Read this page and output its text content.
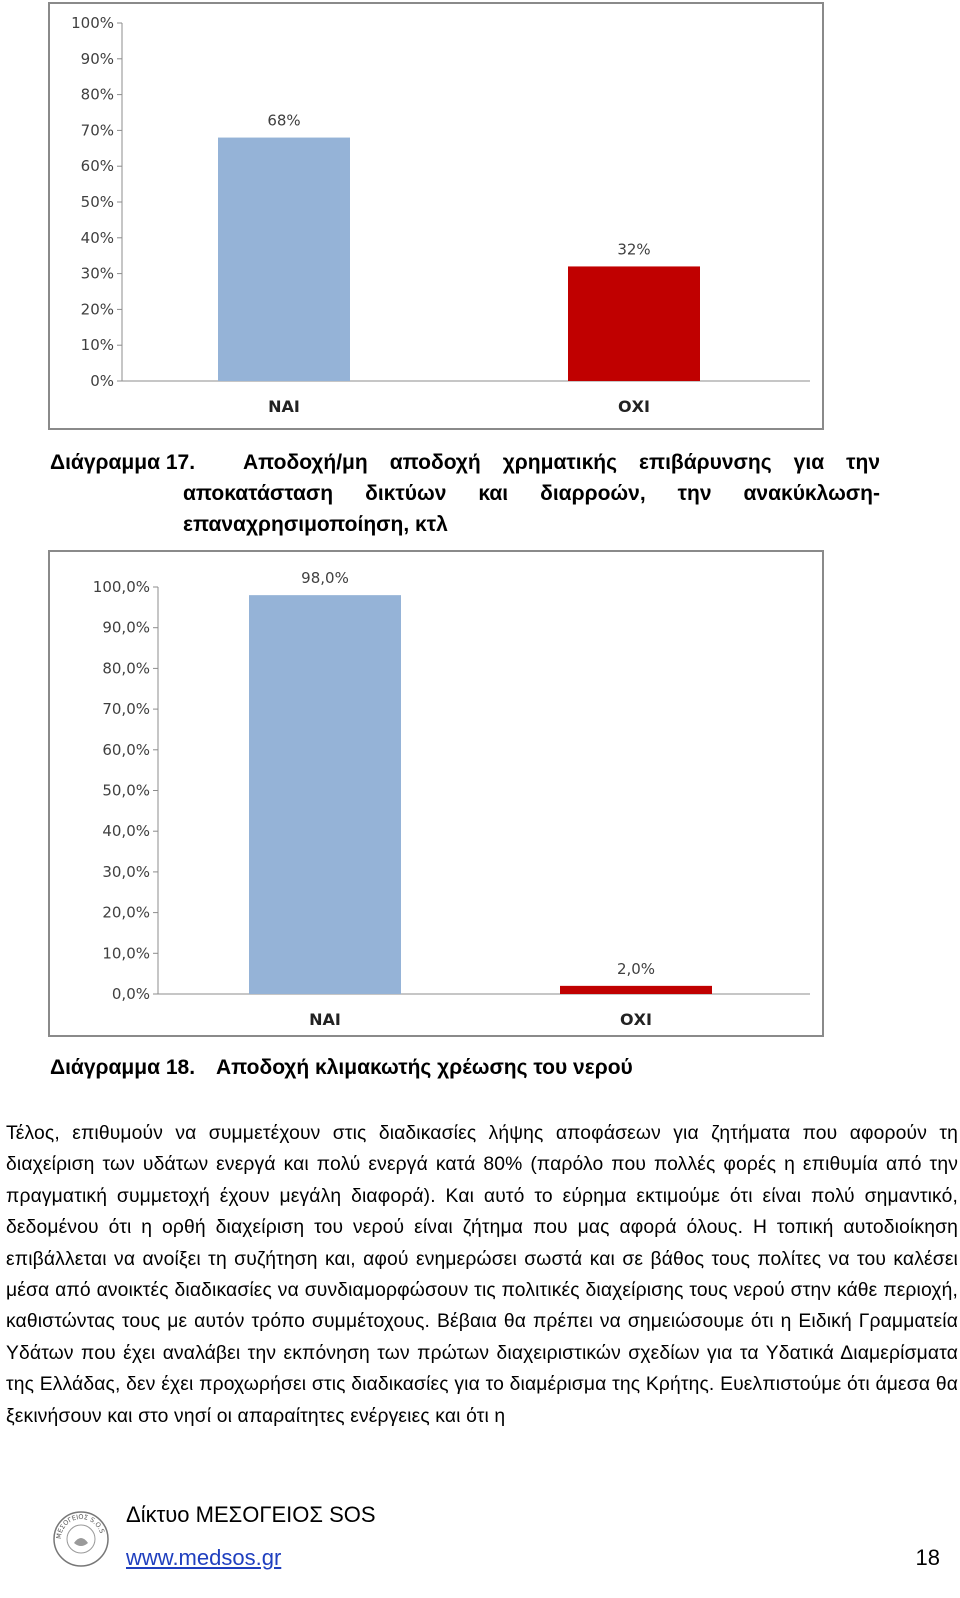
0%
10%
20%
30%
40%
50%
60%
70%
80%
90%
100%
68%
ΝΑΙ
32%
ΟΧΙ
Διάγραμμα 17.	Αποδοχή/μη αποδοχή χρηματικής επιβάρυνσης για την αποκατάσταση δικτύων και διαρροών, την ανακύκλωση-επαναχρησιμοποίηση, κτλ
0,0%
10,0%
20,0%
30,0%
40,0%
50,0%
60,0%
70,0%
80,0%
90,0%
100,0%	98,0%
ΝΑΙ
2,0%
ΟΧΙ
Διάγραμμα 18. Αποδοχή κλιμακωτής χρέωσης του νερού
Τέλος, επιθυμούν να συμμετέχουν στις διαδικασίες λήψης αποφάσεων για ζητήματα που αφορούν τη διαχείριση των υδάτων ενεργά και πολύ ενεργά κατά 80% (παρόλο που πολλές φορές η επιθυμία από την πραγματική συμμετοχή έχουν μεγάλη διαφορά). Και αυτό το εύρημα εκτιμούμε ότι είναι πολύ σημαντικό, δεδομένου ότι η ορθή διαχείριση του νερού είναι ζήτημα που μας αφορά όλους. Η τοπική αυτοδιοίκηση επιβάλλεται να ανοίξει τη συζήτηση και, αφού ενημερώσει σωστά και σε βάθος τους πολίτες να του καλέσει μέσα από ανοικτές διαδικασίες να συνδιαμορφώσουν τις πολιτικές διαχείρισης τους νερού στην κάθε περιοχή, καθιστώντας τους με αυτόν τρόπο συμμέτοχους. Βέβαια θα πρέπει να σημειώσουμε ότι η Ειδική Γραμματεία Υδάτων που έχει αναλάβει την εκπόνηση των πρώτων διαχειριστικών σχεδίων για τα Υδατικά Διαμερίσματα της Ελλάδας, δεν έχει προχωρήσει στις διαδικασίες για το διαμέρισμα της Κρήτης. Ευελπιστούμε ότι άμεσα θα ξεκινήσουν και στο νησί οι απαραίτητες ενέργειες και ότι η
ΜΕΣΟΓΕΙΟΣ S.O.S
Δίκτυο ΜΕΣΟΓΕΙΟΣ SOS
www.medsos.gr	18
